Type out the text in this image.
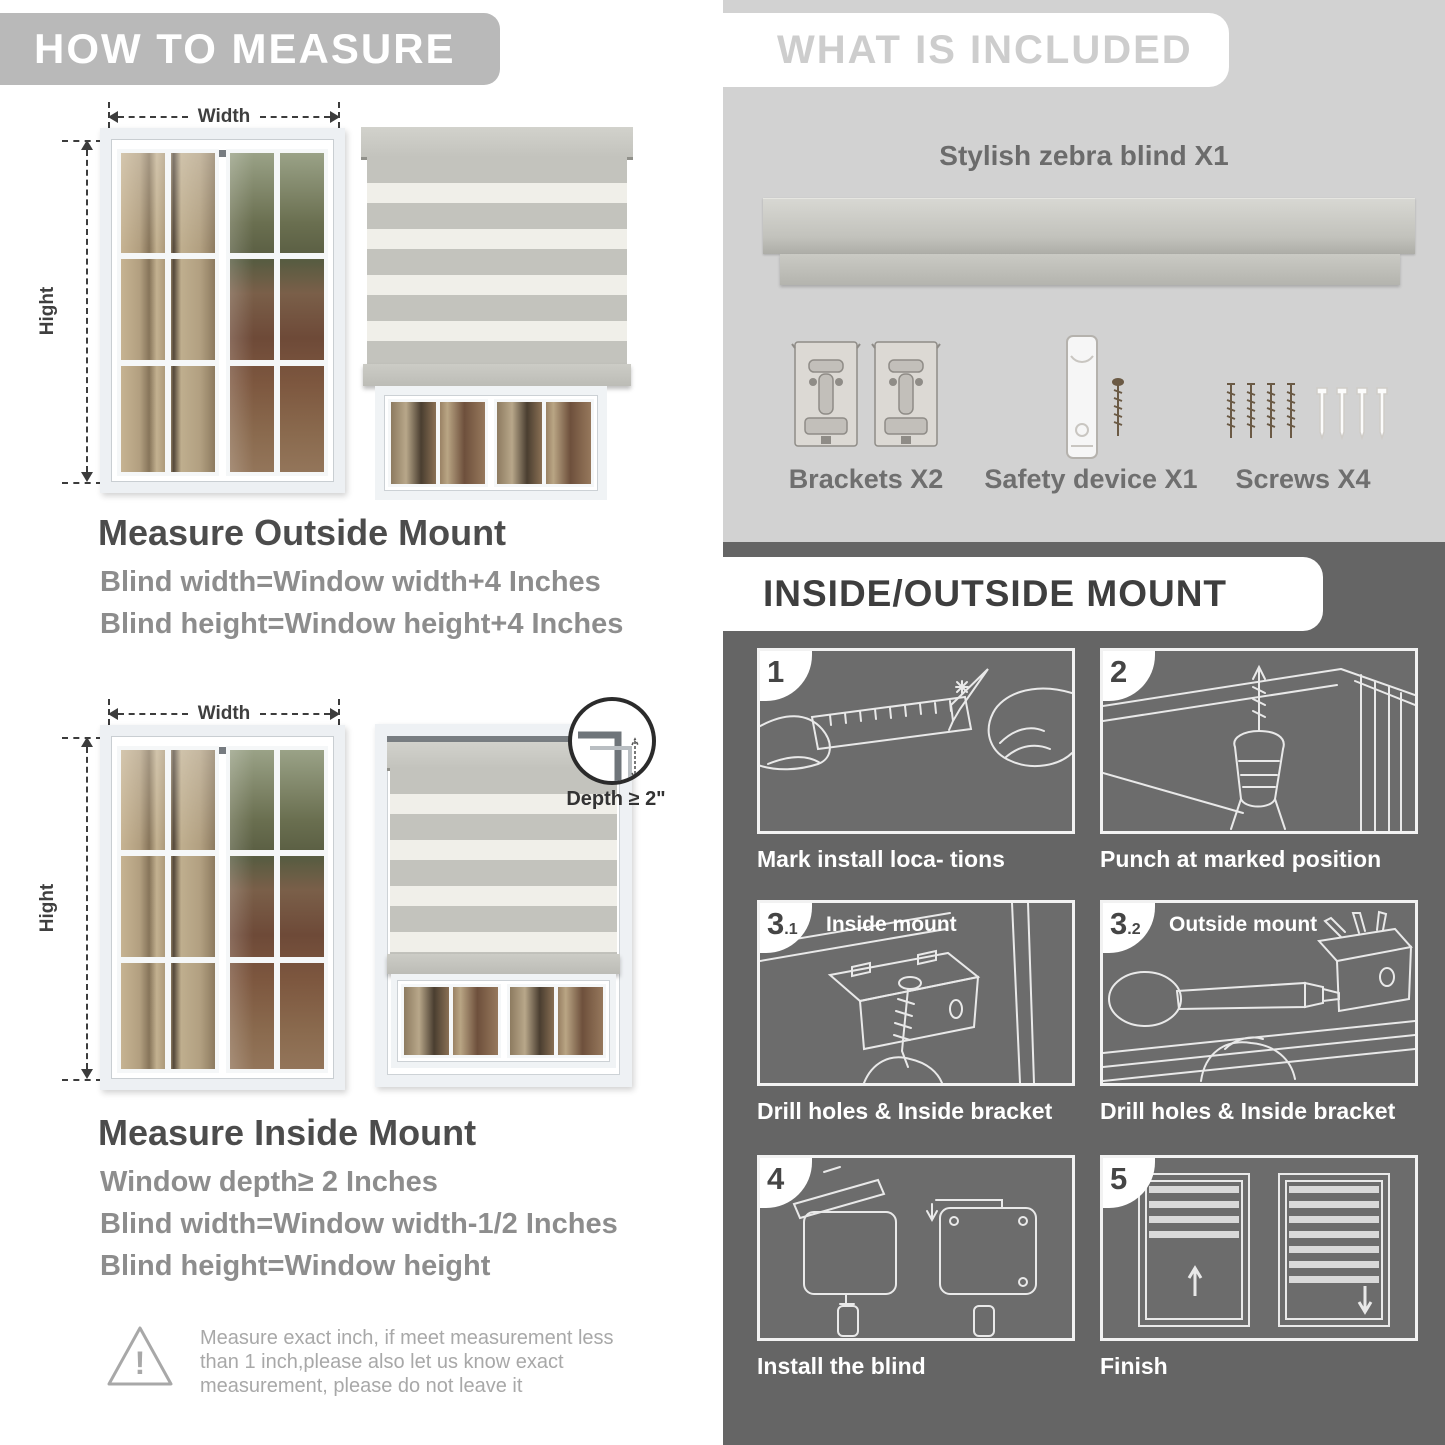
HOW TO MEASURE
Width
Hight
Measure Outside Mount
Blind width=Window width+4 Inches
Blind height=Window height+4 Inches
Width
Hight
Depth ≥ 2"
Measure Inside Mount
Window depth≥ 2 Inches
Blind width=Window width-1/2 Inches
Blind height=Window height
!
Measure exact inch, if meet measurement less
than 1 inch,please also let us know exact
measurement, please do not leave it
WHAT IS INCLUDED
Stylish zebra blind X1
Brackets X2	Safety device X1	Screws X4
INSIDE/OUTSIDE MOUNT
1
Mark install loca- tions
2
Punch at marked position
3.1	Inside mount
Drill holes & Inside bracket
3.2	Outside mount
Drill holes & Inside bracket
4
Install the blind
5
Finish
